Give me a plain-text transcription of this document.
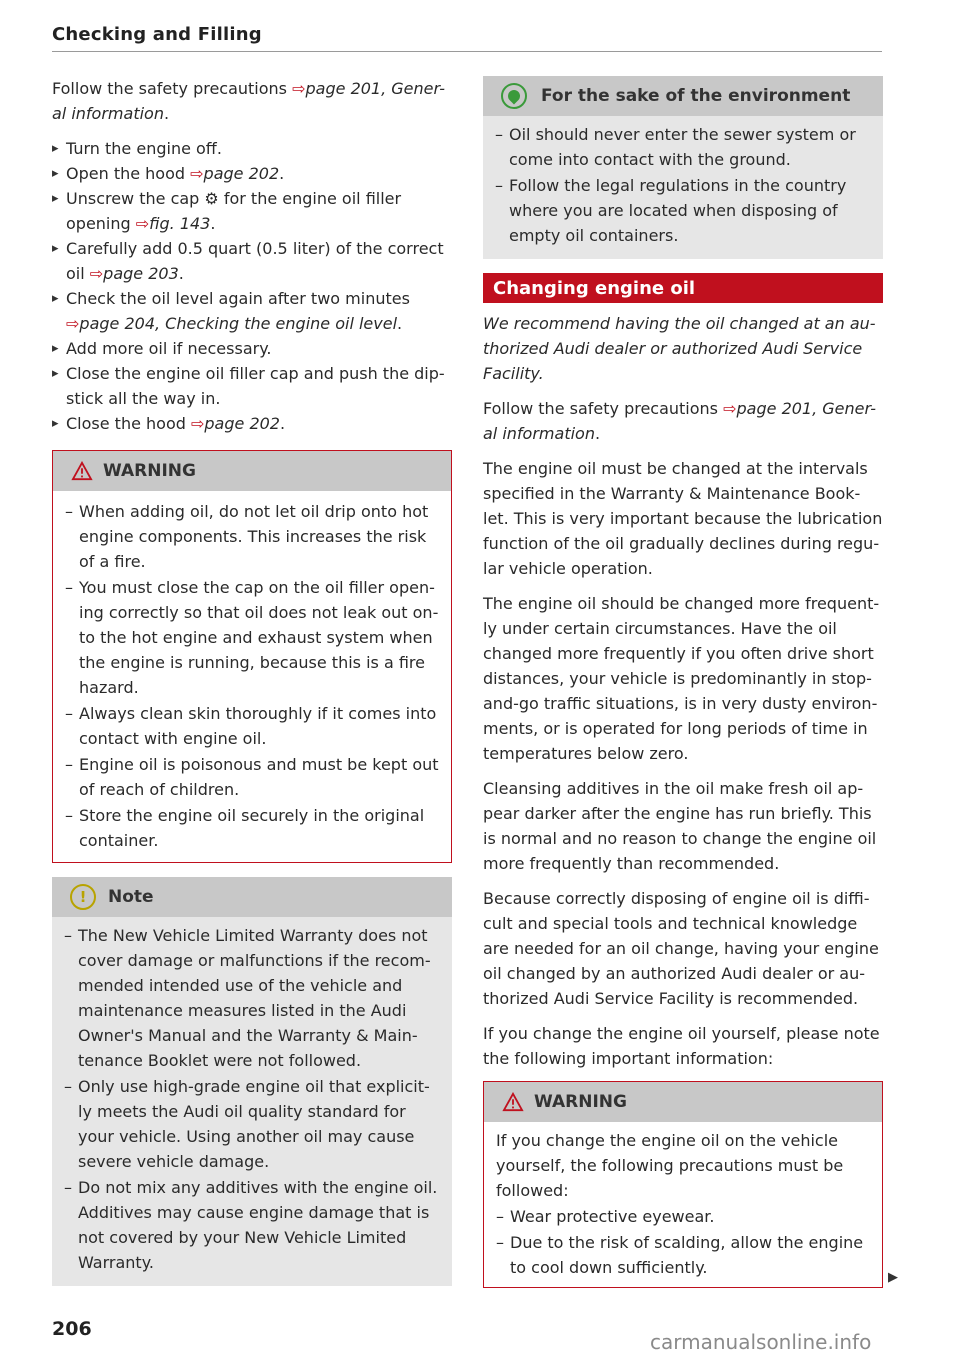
Checking and Filling

Follow the safety precautions ⇨page 201, Gener- al information.

▸ Turn the engine off.
▸ Open the hood ⇨page 202.
▸ Unscrew the cap ⚙ for the engine oil filler opening ⇨fig. 143.
▸ Carefully add 0.5 quart (0.5 liter) of the correct oil ⇨page 203.
▸ Check the oil level again after two minutes ⇨page 204, Checking the engine oil level.
▸ Add more oil if necessary.
▸ Close the engine oil filler cap and push the dip- stick all the way in.
▸ Close the hood ⇨page 202.
WARNING
– When adding oil, do not let oil drip onto hot engine components. This increases the risk of a fire.
– You must close the cap on the oil filler open- ing correctly so that oil does not leak out on- to the hot engine and exhaust system when the engine is running, because this is a fire hazard.
– Always clean skin thoroughly if it comes into contact with engine oil.
– Engine oil is poisonous and must be kept out of reach of children.
– Store the engine oil securely in the original container.
!	Note
– The New Vehicle Limited Warranty does not cover damage or malfunctions if the recom- mended intended use of the vehicle and maintenance measures listed in the Audi Owner's Manual and the Warranty & Main- tenance Booklet were not followed.
– Only use high-grade engine oil that explicit- ly meets the Audi oil quality standard for your vehicle. Using another oil may cause severe vehicle damage.
– Do not mix any additives with the engine oil. Additives may cause engine damage that is not covered by your New Vehicle Limited Warranty.
For the sake of the environment
– Oil should never enter the sewer system or come into contact with the ground.
– Follow the legal regulations in the country where you are located when disposing of empty oil containers.
Changing engine oil

We recommend having the oil changed at an au- thorized Audi dealer or authorized Audi Service Facility.

Follow the safety precautions ⇨page 201, Gener- al information.

The engine oil must be changed at the intervals specified in the Warranty & Maintenance Book- let. This is very important because the lubrication function of the oil gradually declines during regu- lar vehicle operation.

The engine oil should be changed more frequent- ly under certain circumstances. Have the oil changed more frequently if you often drive short distances, your vehicle is predominantly in stop- and-go traffic situations, is in very dusty environ- ments, or is operated for long periods of time in temperatures below zero.

Cleansing additives in the oil make fresh oil ap- pear darker after the engine has run briefly. This is normal and no reason to change the engine oil more frequently than recommended.

Because correctly disposing of engine oil is diffi- cult and special tools and technical knowledge are needed for an oil change, having your engine oil changed by an authorized Audi dealer or au- thorized Audi Service Facility is recommended.

If you change the engine oil yourself, please note the following important information:

WARNING

If you change the engine oil on the vehicle yourself, the following precautions must be followed:

– Wear protective eyewear.
– Due to the risk of scalding, allow the engine to cool down sufficiently.
▶
206
carmanualsonline.info
